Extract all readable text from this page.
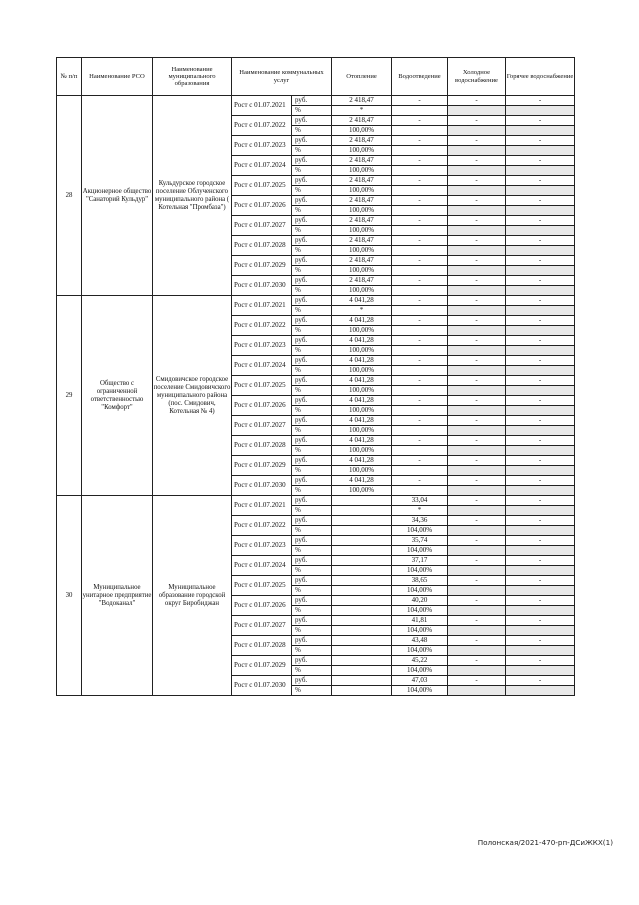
№ п/п	Наименование РСО	Наименование муниципального образования	Наименование коммунальных услуг		Отопление	Водоотведение	Холодное водоснабжение	Горячее водоснабжение
28	Акционерное общество "Санаторий Кульдур"	Кульдурское городское поселение Облученского муниципального района ( Котельная "Промбаза")	Рост с 01.07.2021	руб.	2 418,47	-	-	-
				%	*			
			Рост с 01.07.2022	руб.	2 418,47	-	-	-
				%	100,00%			
			Рост с 01.07.2023	руб.	2 418,47	-	-	-
				%	100,00%			
			Рост с 01.07.2024	руб.	2 418,47	-	-	-
				%	100,00%			
			Рост с 01.07.2025	руб.	2 418,47	-	-	-
				%	100,00%			
			Рост с 01.07.2026	руб.	2 418,47	-	-	-
				%	100,00%			
			Рост с 01.07.2027	руб.	2 418,47	-	-	-
				%	100,00%			
			Рост с 01.07.2028	руб.	2 418,47	-	-	-
				%	100,00%			
			Рост с 01.07.2029	руб.	2 418,47	-	-	-
				%	100,00%			
			Рост с 01.07.2030	руб.	2 418,47	-	-	-
				%	100,00%			
29	Общество с ограниченной ответственностью "Комфорт"	Смидовичское городское поселение Смидовичского муниципального района (пос. Смидович, Котельная № 4)	Рост с 01.07.2021	руб.	4 041,28	-	-	-
				%	*			
			Рост с 01.07.2022	руб.	4 041,28	-	-	-
				%	100,00%			
			Рост с 01.07.2023	руб.	4 041,28	-	-	-
				%	100,00%			
			Рост с 01.07.2024	руб.	4 041,28	-	-	-
				%	100,00%			
			Рост с 01.07.2025	руб.	4 041,28	-	-	-
				%	100,00%			
			Рост с 01.07.2026	руб.	4 041,28	-	-	-
				%	100,00%			
			Рост с 01.07.2027	руб.	4 041,28	-	-	-
				%	100,00%			
			Рост с 01.07.2028	руб.	4 041,28	-	-	-
				%	100,00%			
			Рост с 01.07.2029	руб.	4 041,28	-	-	-
				%	100,00%			
			Рост с 01.07.2030	руб.	4 041,28	-	-	-
				%	100,00%			
30	Муниципальное унитарное предприятие "Водоканал"	Муниципальное образование городской округ Биробиджан	Рост с 01.07.2021	руб.		33,04	-	-
				%		*		
			Рост с 01.07.2022	руб.		34,36	-	-
				%		104,00%		
			Рост с 01.07.2023	руб.		35,74	-	-
				%		104,00%		
			Рост с 01.07.2024	руб.		37,17	-	-
				%		104,00%		
			Рост с 01.07.2025	руб.		38,65	-	-
				%		104,00%		
			Рост с 01.07.2026	руб.		40,20	-	-
				%		104,00%		
			Рост с 01.07.2027	руб.		41,81	-	-
				%		104,00%		
			Рост с 01.07.2028	руб.		43,48	-	-
				%		104,00%		
			Рост с 01.07.2029	руб.		45,22	-	-
				%		104,00%		
			Рост с 01.07.2030	руб.		47,03	-	-
				%		104,00%		
Полонская/2021-470-рп-ДСиЖКХ(1)
